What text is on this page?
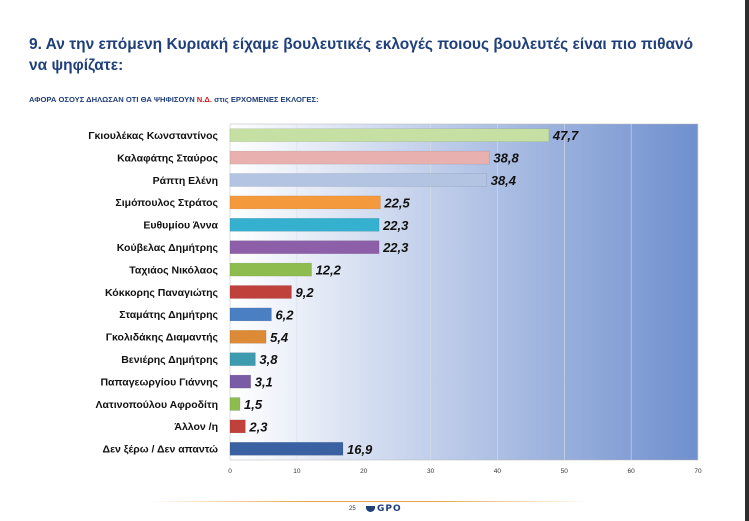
9. Αν την επόμενη Κυριακή είχαμε βουλευτικές εκλογές ποιους βουλευτές είναι πιο πιθανό να ψηφίζατε:
ΑΦΟΡΑ ΟΣΟΥΣ ΔΗΛΩΣΑΝ ΟΤΙ ΘΑ ΨΗΦΙΣΟΥΝ Ν.Δ. στις ΕΡΧΟΜΕΝΕΣ ΕΚΛΟΓΕΣ:
0	10	20	30	40	50	60	70
Γκιουλέκας Κωνσταντίνος	47,7
Καλαφάτης Σταύρος	38,8
Ράπτη Ελένη	38,4
Σιμόπουλος Στράτος	22,5
Ευθυμίου Άννα	22,3
Κούβελας Δημήτρης	22,3
Ταχιάος Νικόλαος	12,2
Κόκκορης Παναγιώτης	9,2
Σταμάτης Δημήτρης	6,2
Γκολιδάκης Διαμαντής	5,4
Βενιέρης Δημήτρης	3,8
Παπαγεωργίου Γιάννης	3,1
Λατινοπούλου Αφροδίτη 1,5
Άλλον /η 2,3
Δεν ξέρω / Δεν απαντώ	16,9
25	GPO
